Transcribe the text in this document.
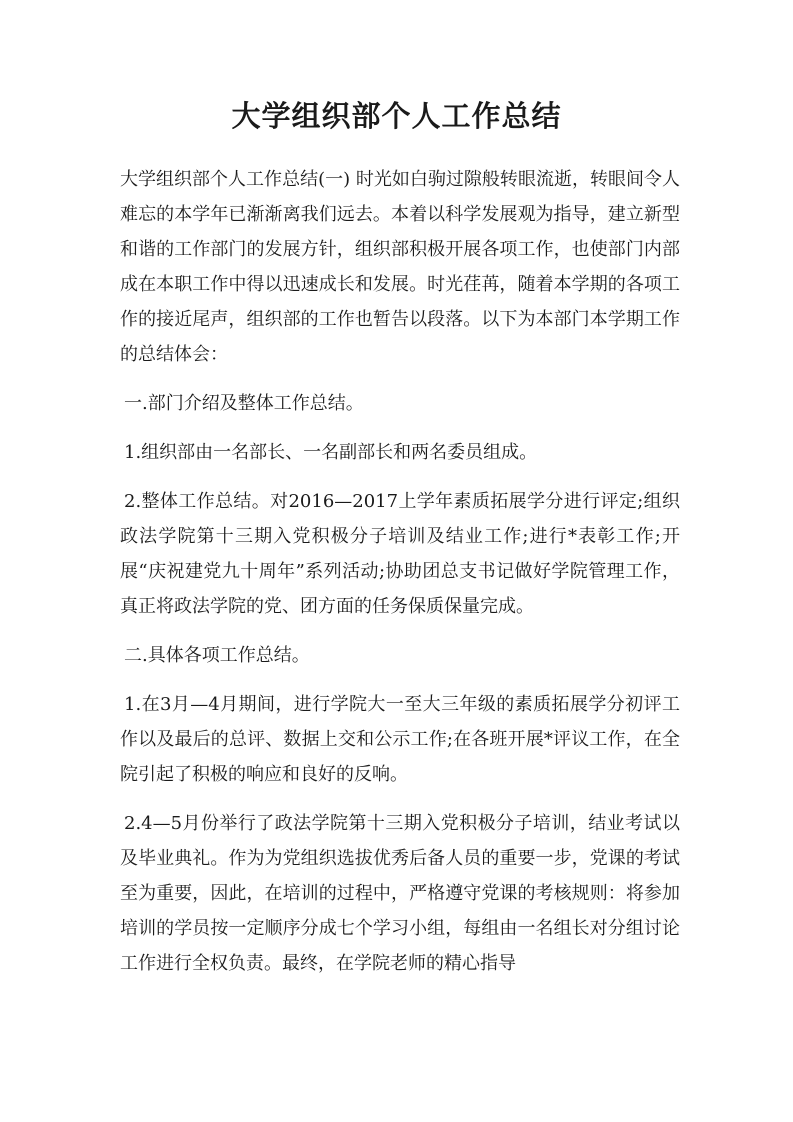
大学组织部个人工作总结

大学组织部个人工作总结(一) 时光如白驹过隙般转眼流逝，转眼间令人难忘的本学年已渐渐离我们远去。本着以科学发展观为指导，建立新型和谐的工作部门的发展方针，组织部积极开展各项工作，也使部门内部成在本职工作中得以迅速成长和发展。时光荏苒，随着本学期的各项工作的接近尾声，组织部的工作也暂告以段落。以下为本部门本学期工作的总结体会：

一.部门介绍及整体工作总结。

1.组织部由一名部长、一名副部长和两名委员组成。

2.整体工作总结。对2016—2017上学年素质拓展学分进行评定;组织政法学院第十三期入党积极分子培训及结业工作;进行*表彰工作;开展“庆祝建党九十周年”系列活动;协助团总支书记做好学院管理工作，真正将政法学院的党、团方面的任务保质保量完成。

二.具体各项工作总结。

1.在3月—4月期间，进行学院大一至大三年级的素质拓展学分初评工作以及最后的总评、数据上交和公示工作;在各班开展*评议工作，在全院引起了积极的响应和良好的反响。

2.4—5月份举行了政法学院第十三期入党积极分子培训，结业考试以及毕业典礼。作为为党组织选拔优秀后备人员的重要一步，党课的考试至为重要，因此，在培训的过程中，严格遵守党课的考核规则：将参加培训的学员按一定顺序分成七个学习小组，每组由一名组长对分组讨论工作进行全权负责。最终，在学院老师的精心指导
